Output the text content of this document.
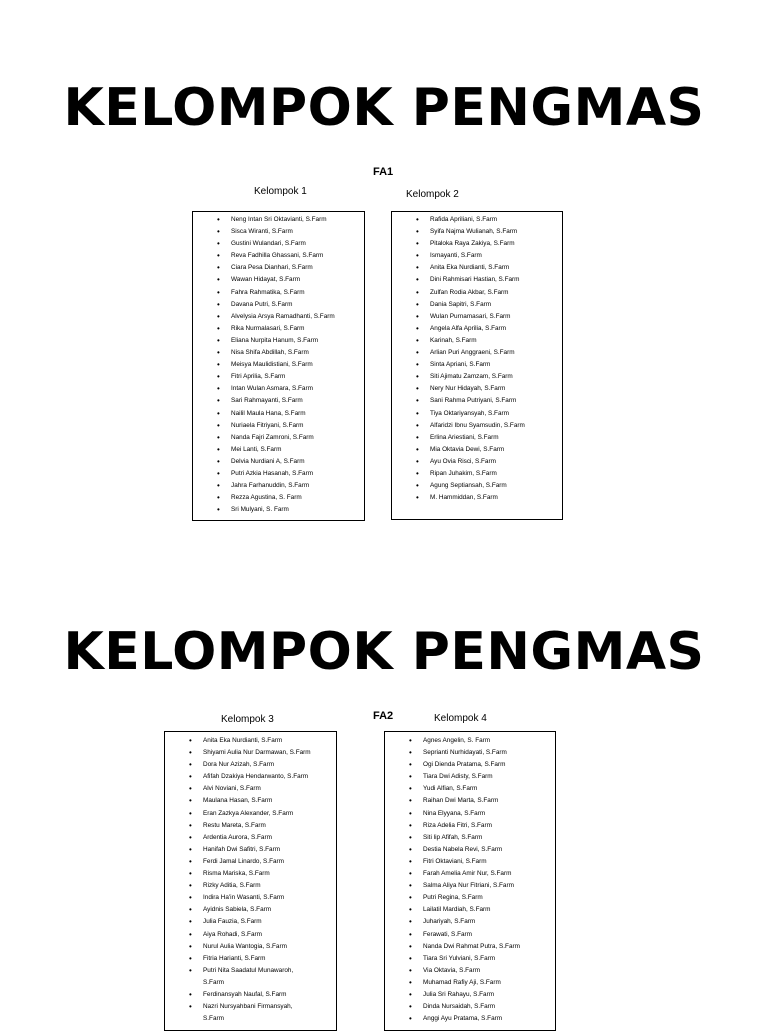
KELOMPOK PENGMAS
FA1
Kelompok 1	Kelompok 2
• Neng Intan Sri Oktavianti, S.Farm
• Sisca Wiranti, S.Farm
• Gustini Wulandari, S.Farm
• Reva Fadhilla Ghassani, S.Farm
• Ciara Pesa Dianhari, S.Farm
• Wawan Hidayat, S.Farm
• Fahra Rahmatika, S.Farm
• Davana Putri, S.Farm
• Alvelysia Arsya Ramadhanti, S.Farm
• Rika Nurmalasari, S.Farm
• Eliana Nurpita Hanum, S.Farm
• Nisa Shifa Abdillah, S.Farm
• Meisya Maulidistiani, S.Farm
• Fitri Aprilia, S.Farm
• Intan Wulan Asmara, S.Farm
• Sari Rahmayanti, S.Farm
• Nailil Maula Hana, S.Farm
• Nuriaela Fitriyani, S.Farm
• Nanda Fajri Zamroni, S.Farm
• Mei Lanti, S.Farm
• Delvia Nurdiani A, S.Farm
• Putri Azkia Hasanah, S.Farm
• Jahra Farhanuddin, S.Farm
• Rezza Agustina, S. Farm
• Sri Mulyani, S. Farm
• Rafida Apriliani, S.Farm
• Syifa Najma Wulianah, S.Farm
• Pitaloka Raya Zakiya, S.Farm
• Ismayanti, S.Farm
• Anita Eka Nurdianti, S.Farm
• Dini Rahmisari Hastian, S.Farm
• Zulfan Rodia Akbar, S.Farm
• Dania Sapitri, S.Farm
• Wulan Purnamasari, S.Farm
• Angela Alfa Aprilia, S.Farm
• Karinah, S.Farm
• Arlian Puri Anggraeni, S.Farm
• Sinta Apriani, S.Farm
• Siti Ajimatu Zamzam, S.Farm
• Nery Nur Hidayah, S.Farm
• Sani Rahma Putriyani, S.Farm
• Tiya Oktariyansyah, S.Farm
• Alfaridzi Ibnu Syamsudin, S.Farm
• Erlina Ariestiani, S.Farm
• Mia Oktavia Dewi, S.Farm
• Ayu Ovia Risci, S.Farm
• Ripan Juhakim, S.Farm
• Agung Septiansah, S.Farm
• M. Hammiddan, S.Farm
KELOMPOK PENGMAS
FA2
Kelompok 3	Kelompok 4
• Anita Eka Nurdianti, S.Farm
• Shiyami Aulia Nur Darmawan, S.Farm
• Dora Nur Azizah, S.Farm
• Afifah Dzakiya Hendarwanto, S.Farm
• Alvi Noviani, S.Farm
• Maulana Hasan, S.Farm
• Eran Zazkya Alexander, S.Farm
• Restu Mareta, S.Farm
• Ardentia Aurora, S.Farm
• Hanifah Dwi Safitri, S.Farm
• Ferdi Jamal Linardo, S.Farm
• Risma Mariska, S.Farm
• Rizky Aditia, S.Farm
• Indira Ha'in Wasanti, S.Farm
• Ayidnis Sabiela, S.Farm
• Julia Fauzia, S.Farm
• Aiya Rohadi, S.Farm
• Nurul Aulia Wantogia, S.Farm
• Fitria Harianti, S.Farm
• Putri Nita Saadatul Munawaroh,
S.Farm
• Ferdinansyah Naufal, S.Farm
• Nazri Nursyahbani Firmansyah,
S.Farm
• Agnes Angelin, S. Farm
• Seprianti Nurhidayati, S.Farm
• Ogi Dienda Pratama, S.Farm
• Tiara Dwi Adisty, S.Farm
• Yudi Alfian, S.Farm
• Raihan Dwi Marta, S.Farm
• Nina Elyyana, S.Farm
• Riza Adelia Fitri, S.Farm
• Siti lip Afifah, S.Farm
• Destia Nabela Revi, S.Farm
• Fitri Oktaviani, S.Farm
• Farah Amelia Amir Nur, S.Farm
• Salma Aliya Nur Fitriani, S.Farm
• Putri Regina, S.Farm
• Lailatil Mardiah, S.Farm
• Juhariyah, S.Farm
• Ferawati, S.Farm
• Nanda Dwi Rahmat Putra, S.Farm
• Tiara Sri Yulviani, S.Farm
• Via Oktavia, S.Farm
• Muhamad Rafiy Aji, S.Farm
• Julia Sri Rahayu, S.Farm
• Dinda Nursaidah, S.Farm
• Anggi Ayu Pratama, S.Farm
